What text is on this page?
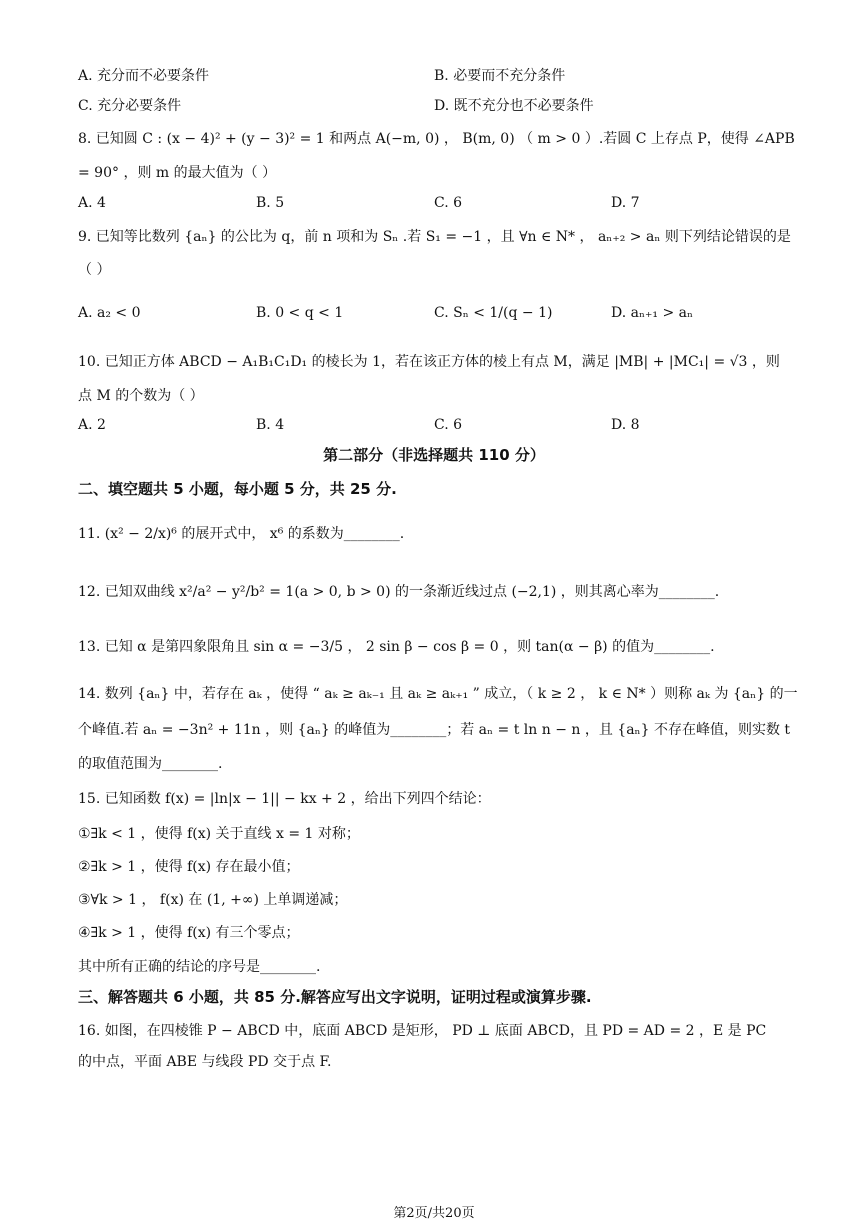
A. 充分而不必要条件	B. 必要而不充分条件
C. 充分必要条件	D. 既不充分也不必要条件
8. 已知圆 C : (x − 4)² + (y − 3)² = 1 和两点 A(−m, 0) ， B(m, 0) （ m > 0 ）.若圆 C 上存点 P，使得 ∠APB
= 90° ，则 m 的最大值为（ ）
A. 4	B. 5	C. 6	D. 7
9. 已知等比数列 {aₙ} 的公比为 q，前 n 项和为 Sₙ .若 S₁ = −1 ，且 ∀n ∈ N* ， aₙ₊₂ > aₙ 则下列结论错误的是
（ ）
A. a₂ < 0	B. 0 < q < 1	C. Sₙ < 1/(q − 1)	D. aₙ₊₁ > aₙ
10. 已知正方体 ABCD − A₁B₁C₁D₁ 的棱长为 1，若在该正方体的棱上有点 M，满足 |MB| + |MC₁| = √3 ，则
点 M 的个数为（ ）
A. 2	B. 4	C. 6	D. 8
第二部分（非选择题共 110 分）
二、填空题共 5 小题，每小题 5 分，共 25 分.
11. (x² − 2/x)⁶ 的展开式中， x⁶ 的系数为________.
12. 已知双曲线 x²/a² − y²/b² = 1(a > 0, b > 0) 的一条渐近线过点 (−2,1) ，则其离心率为________.
13. 已知 α 是第四象限角且 sin α = −3/5 ， 2 sin β − cos β = 0 ，则 tan(α − β) 的值为________.
14. 数列 {aₙ} 中，若存在 aₖ ，使得 “ aₖ ≥ aₖ₋₁ 且 aₖ ≥ aₖ₊₁ ” 成立，（ k ≥ 2 ， k ∈ N* ）则称 aₖ 为 {aₙ} 的一
个峰值.若 aₙ = −3n² + 11n ，则 {aₙ} 的峰值为________；若 aₙ = t ln n − n ，且 {aₙ} 不存在峰值，则实数 t
的取值范围为________.
15. 已知函数 f(x) = |ln|x − 1|| − kx + 2 ，给出下列四个结论：
①∃k < 1 ，使得 f(x) 关于直线 x = 1 对称；
②∃k > 1 ，使得 f(x) 存在最小值；
③∀k > 1 ， f(x) 在 (1, +∞) 上单调递减；
④∃k > 1 ，使得 f(x) 有三个零点；
其中所有正确的结论的序号是________.
三、解答题共 6 小题，共 85 分.解答应写出文字说明，证明过程或演算步骤.
16. 如图，在四棱锥 P − ABCD 中，底面 ABCD 是矩形， PD ⊥ 底面 ABCD，且 PD = AD = 2 ，E 是 PC
的中点，平面 ABE 与线段 PD 交于点 F.
第2页/共20页
